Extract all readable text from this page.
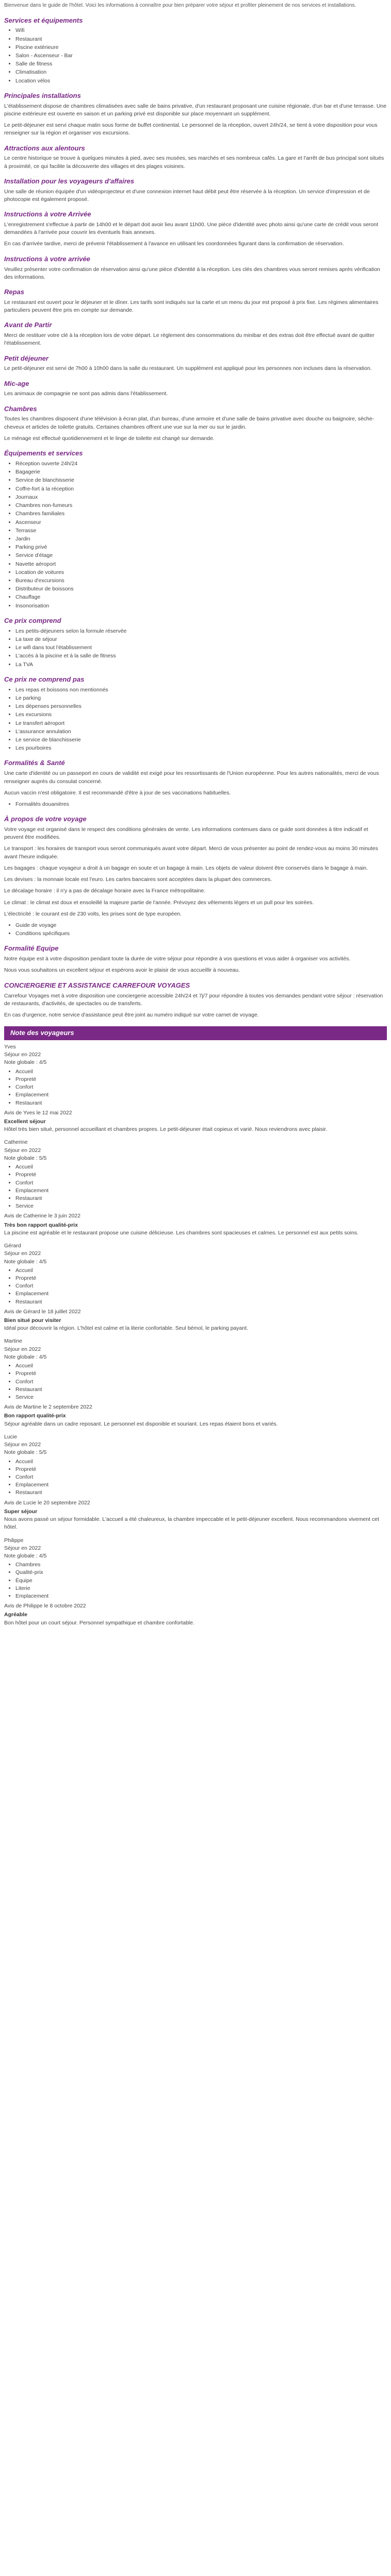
Bienvenue dans le guide de l'hôtel. Voici les informations à connaître pour bien préparer votre séjour et profiter pleinement de nos services et installations.

Services et équipements
• Wifi
• Restaurant
• Piscine extérieure
• Salon - Ascenseur - Bar
• Salle de fitness
• Climatisation
• Location vélos
Principales installations

L'établissement dispose de chambres climatisées avec salle de bains privative, d'un restaurant proposant une cuisine régionale, d'un bar et d'une terrasse. Une piscine extérieure est ouverte en saison et un parking privé est disponible sur place moyennant un supplément.

Le petit-déjeuner est servi chaque matin sous forme de buffet continental. Le personnel de la réception, ouvert 24h/24, se tient à votre disposition pour vous renseigner sur la région et organiser vos excursions.

Attractions aux alentours

Le centre historique se trouve à quelques minutes à pied, avec ses musées, ses marchés et ses nombreux cafés. La gare et l'arrêt de bus principal sont situés à proximité, ce qui facilite la découverte des villages et des plages voisines.

Installation pour les voyageurs d'affaires

Une salle de réunion équipée d'un vidéoprojecteur et d'une connexion internet haut débit peut être réservée à la réception. Un service d'impression et de photocopie est également proposé.

Instructions à votre Arrivée

L'enregistrement s'effectue à partir de 14h00 et le départ doit avoir lieu avant 11h00. Une pièce d'identité avec photo ainsi qu'une carte de crédit vous seront demandées à l'arrivée pour couvrir les éventuels frais annexes.

En cas d'arrivée tardive, merci de prévenir l'établissement à l'avance en utilisant les coordonnées figurant dans la confirmation de réservation.

Instructions à votre arrivée

Veuillez présenter votre confirmation de réservation ainsi qu'une pièce d'identité à la réception. Les clés des chambres vous seront remises après vérification des informations.

Repas

Le restaurant est ouvert pour le déjeuner et le dîner. Les tarifs sont indiqués sur la carte et un menu du jour est proposé à prix fixe. Les régimes alimentaires particuliers peuvent être pris en compte sur demande.

Avant de Partir

Merci de restituer votre clé à la réception lors de votre départ. Le règlement des consommations du minibar et des extras doit être effectué avant de quitter l'établissement.

Petit déjeuner

Le petit-déjeuner est servi de 7h00 à 10h00 dans la salle du restaurant. Un supplément est appliqué pour les personnes non incluses dans la réservation.

Mic-age

Les animaux de compagnie ne sont pas admis dans l'établissement.

Chambres

Toutes les chambres disposent d'une télévision à écran plat, d'un bureau, d'une armoire et d'une salle de bains privative avec douche ou baignoire, sèche-cheveux et articles de toilette gratuits. Certaines chambres offrent une vue sur la mer ou sur le jardin.

Le ménage est effectué quotidiennement et le linge de toilette est changé sur demande.

Équipements et services
• Réception ouverte 24h/24
• Bagagerie
• Service de blanchisserie
• Coffre-fort à la réception
• Journaux
• Chambres non-fumeurs
• Chambres familiales
• Ascenseur
• Terrasse
• Jardin
• Parking privé
• Service d'étage
• Navette aéroport
• Location de voitures
• Bureau d'excursions
• Distributeur de boissons
• Chauffage
• Insonorisation
Ce prix comprend
• Les petits-déjeuners selon la formule réservée
• La taxe de séjour
• Le wifi dans tout l'établissement
• L'accès à la piscine et à la salle de fitness
• La TVA
Ce prix ne comprend pas
• Les repas et boissons non mentionnés
• Le parking
• Les dépenses personnelles
• Les excursions
• Le transfert aéroport
• L'assurance annulation
• Le service de blanchisserie
• Les pourboires
Formalités & Santé

Une carte d'identité ou un passeport en cours de validité est exigé pour les ressortissants de l'Union européenne. Pour les autres nationalités, merci de vous renseigner auprès du consulat concerné.

Aucun vaccin n'est obligatoire. Il est recommandé d'être à jour de ses vaccinations habituelles.

• Formalités douanières
À propos de votre voyage

Votre voyage est organisé dans le respect des conditions générales de vente. Les informations contenues dans ce guide sont données à titre indicatif et peuvent être modifiées.

Le transport : les horaires de transport vous seront communiqués avant votre départ. Merci de vous présenter au point de rendez-vous au moins 30 minutes avant l'heure indiquée.

Les bagages : chaque voyageur a droit à un bagage en soute et un bagage à main. Les objets de valeur doivent être conservés dans le bagage à main.

Les devises : la monnaie locale est l'euro. Les cartes bancaires sont acceptées dans la plupart des commerces.

Le décalage horaire : il n'y a pas de décalage horaire avec la France métropolitaine.

Le climat : le climat est doux et ensoleillé la majeure partie de l'année. Prévoyez des vêtements légers et un pull pour les soirées.

L'électricité : le courant est de 230 volts, les prises sont de type européen.

• Guide de voyage
• Conditions spécifiques
Formalité Equipe

Notre équipe est à votre disposition pendant toute la durée de votre séjour pour répondre à vos questions et vous aider à organiser vos activités.

Nous vous souhaitons un excellent séjour et espérons avoir le plaisir de vous accueillir à nouveau.

CONCIERGERIE ET ASSISTANCE CARREFOUR VOYAGES

Carrefour Voyages met à votre disposition une conciergerie accessible 24h/24 et 7j/7 pour répondre à toutes vos demandes pendant votre séjour : réservation de restaurants, d'activités, de spectacles ou de transferts.

En cas d'urgence, notre service d'assistance peut être joint au numéro indiqué sur votre carnet de voyage.

Note des voyageurs

Yves

Séjour en 2022

Note globale : 4/5

• Accueil
• Propreté
• Confort
• Emplacement
• Restaurant

Avis de Yves le 12 mai 2022

Excellent séjour

Hôtel très bien situé, personnel accueillant et chambres propres. Le petit-déjeuner était copieux et varié. Nous reviendrons avec plaisir.

Catherine

Séjour en 2022

Note globale : 5/5

• Accueil
• Propreté
• Confort
• Emplacement
• Restaurant
• Service

Avis de Catherine le 3 juin 2022

Très bon rapport qualité-prix

La piscine est agréable et le restaurant propose une cuisine délicieuse. Les chambres sont spacieuses et calmes. Le personnel est aux petits soins.

Gérard

Séjour en 2022

Note globale : 4/5

• Accueil
• Propreté
• Confort
• Emplacement
• Restaurant

Avis de Gérard le 18 juillet 2022

Bien situé pour visiter

Idéal pour découvrir la région. L'hôtel est calme et la literie confortable. Seul bémol, le parking payant.

Martine

Séjour en 2022

Note globale : 4/5

• Accueil
• Propreté
• Confort
• Restaurant
• Service

Avis de Martine le 2 septembre 2022

Bon rapport qualité-prix

Séjour agréable dans un cadre reposant. Le personnel est disponible et souriant. Les repas étaient bons et variés.

Lucie

Séjour en 2022

Note globale : 5/5

• Accueil
• Propreté
• Confort
• Emplacement
• Restaurant

Avis de Lucie le 20 septembre 2022

Super séjour

Nous avons passé un séjour formidable. L'accueil a été chaleureux, la chambre impeccable et le petit-déjeuner excellent. Nous recommandons vivement cet hôtel.

Philippe

Séjour en 2022

Note globale : 4/5

• Chambres
• Qualité-prix
• Équipe
• Literie
• Emplacement

Avis de Philippe le 8 octobre 2022

Agréable

Bon hôtel pour un court séjour. Personnel sympathique et chambre confortable.
